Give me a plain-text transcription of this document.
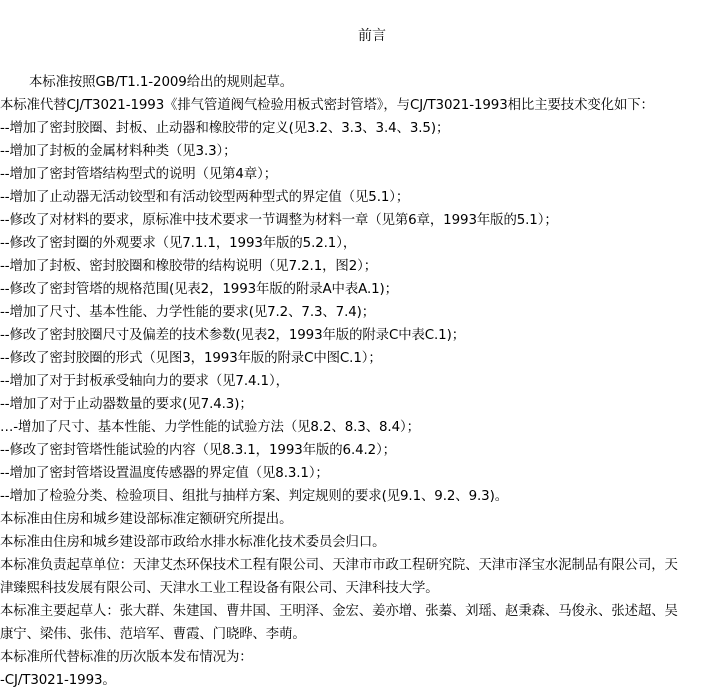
前言
本标准按照GB/T1.1-2009给出的规则起草。
本标准代替CJ/T3021-1993《排气管道阀气检验用板式密封管塔》，与CJ/T3021-1993相比主要技术变化如下：
--增加了密封胶圈、封板、止动器和橡胶带的定义(见3.2、3.3、3.4、3.5)；
--增加了封板的金属材料种类（见3.3）；
--增加了密封管塔结构型式的说明（见第4章）；
--增加了止动器无活动铰型和有活动铰型两种型式的界定值（见5.1）；
--修改了对材料的要求，原标准中技术要求一节调整为材料一章（见第6章，1993年版的5.1）；
--修改了密封圈的外观要求（见7.1.1，1993年版的5.2.1），
--增加了封板、密封胶圈和橡胶带的结构说明（见7.2.1，图2）；
--修改了密封管塔的规格范围(见表2，1993年版的附录A中表A.1)；
--增加了尺寸、基本性能、力学性能的要求(见7.2、7.3、7.4)；
--修改了密封胶圈尺寸及偏差的技术参数(见表2，1993年版的附录C中表C.1)；
--修改了密封胶圈的形式（见图3，1993年版的附录C中图C.1）；
--增加了对于封板承受轴向力的要求（见7.4.1），
--增加了对于止动器数量的要求(见7.4.3)；
…-增加了尺寸、基本性能、力学性能的试验方法（见8.2、8.3、8.4）；
--修改了密封管塔性能试验的内容（见8.3.1，1993年版的6.4.2）；
--增加了密封管塔设置温度传感器的界定值（见8.3.1）；
--增加了检验分类、检验项目、组批与抽样方案、判定规则的要求(见9.1、9.2、9.3)。
本标准由住房和城乡建设部标准定额研究所提出。
本标准由住房和城乡建设部市政给水排水标准化技术委员会归口。
本标准负责起草单位：天津艾杰环保技术工程有限公司、天津市市政工程研究院、天津市泽宝水泥制品有限公司，天
津臻熙科技发展有限公司、天津水工业工程设备有限公司、天津科技大学。
本标准主要起草人：张大群、朱建国、曹井国、王明泽、金宏、姜亦增、张蓁、刘瑶、赵秉森、马俊永、张述超、吴
康宁、梁伟、张伟、范培军、曹霞、门晓晔、李萌。
本标准所代替标准的历次版本发布情况为：
-CJ/T3021-1993。
